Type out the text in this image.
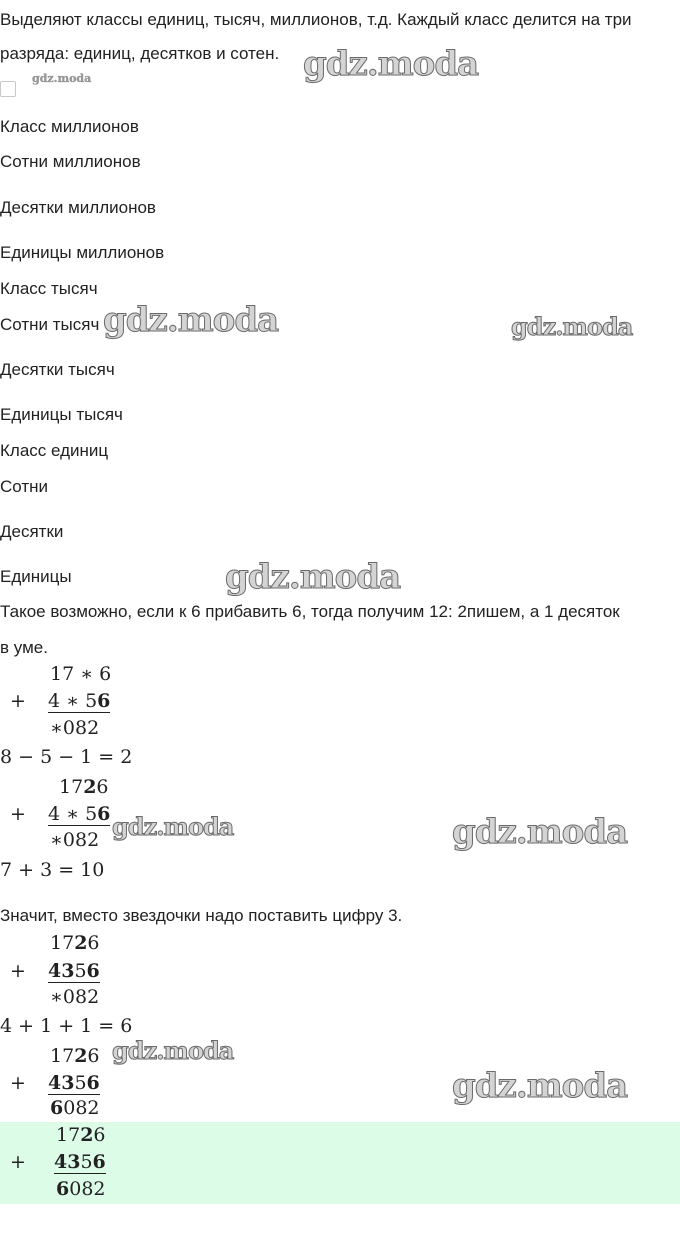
Выделяют классы единиц, тысяч, миллионов, т.д. Каждый класс делится на три
разряда: единиц, десятков и сотен.
gdz.moda
Класс миллионов
Сотни миллионов
Десятки миллионов
Единицы миллионов
Класс тысяч
Сотни тысяч
Десятки тысяч
Единицы тысяч
Класс единиц
Сотни
Десятки
Единицы
Такое возможно, если к 6 прибавить 6, тогда получим 12: 2пишем, а 1 десяток
в уме.
17 ∗ 6
+ 4 ∗ 56
∗082
8 − 5 − 1 = 2
1726
+ 4 ∗ 56
∗082
7 + 3 = 10
Значит, вместо звездочки надо поставить цифру 3.
1726
+ 4356
∗082
4 + 1 + 1 = 6
1726
+ 4356
6082
1726
+ 4356
6082
gdz.moda
gdz.moda	gdz.moda
gdz.moda
gdz.moda	gdz.moda
gdz.moda
gdz.moda
